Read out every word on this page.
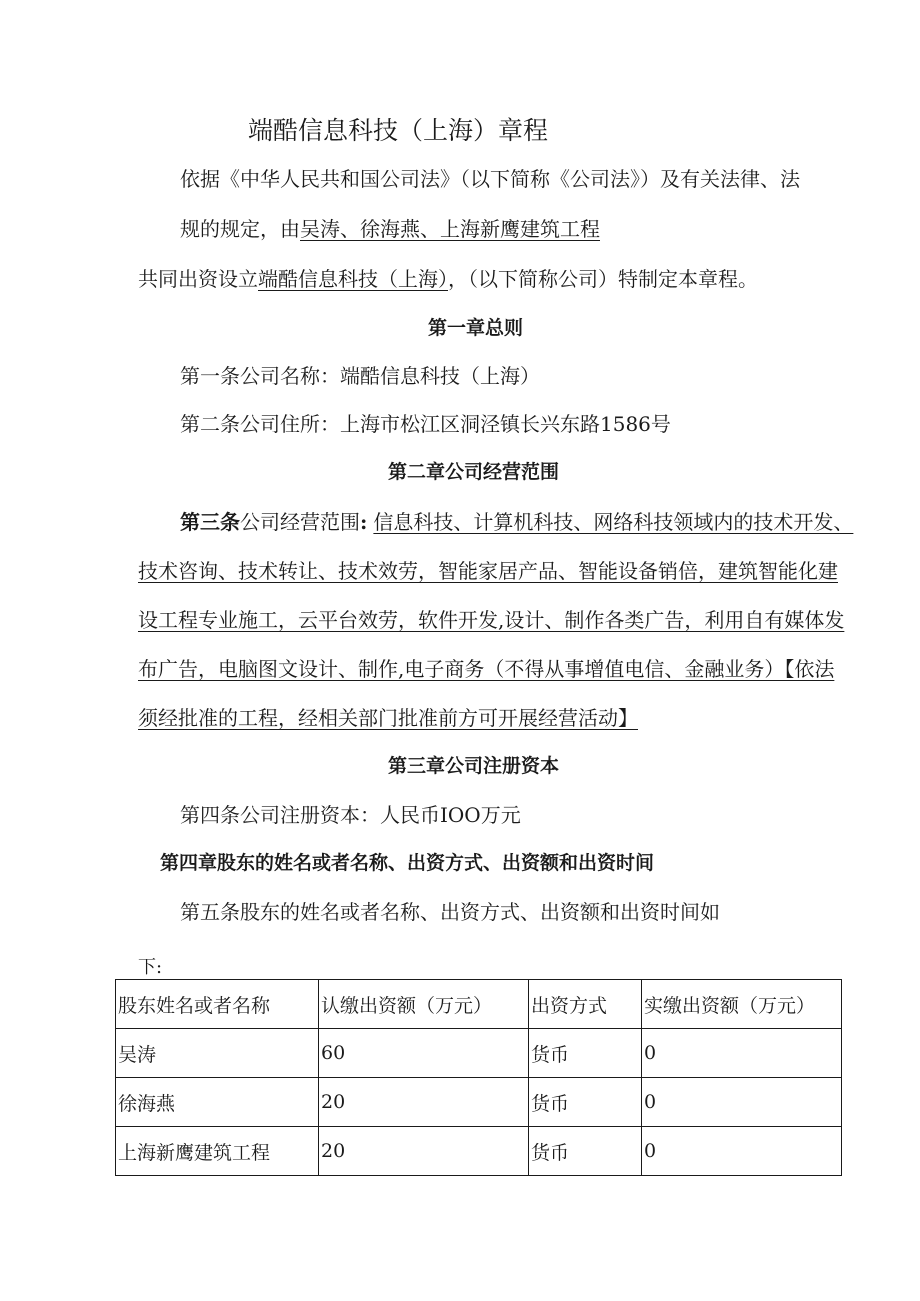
端酷信息科技（上海）章程
依据《中华人民共和国公司法》（以下简称《公司法》）及有关法律、法
规的规定，由吴涛、徐海燕、上海新鹰建筑工程
共同出资设立端酷信息科技（上海），（以下简称公司）特制定本章程。
第一章总则
第一条公司名称：端酷信息科技（上海）
第二条公司住所：上海市松江区洞泾镇长兴东路1586号
第二章公司经营范围
第三条公司经营范围: 信息科技、计算机科技、网络科技领域内的技术开发、
技术咨询、技术转让、技术效劳，智能家居产品、智能设备销倍，建筑智能化建
设工程专业施工，云平台效劳，软件开发,设计、制作各类广告，利用自有媒体发
布广告，电脑图文设计、制作,电子商务（不得从事增值电信、金融业务）【依法
须经批准的工程，经相关部门批准前方可开展经营活动】
第三章公司注册资本
第四条公司注册资本：人民币IOO万元
第四章股东的姓名或者名称、出资方式、出资额和出资时间
第五条股东的姓名或者名称、出资方式、出资额和出资时间如
下:
股东姓名或者名称	认缴出资额（万元）	出资方式	实缴出资额（万元）
吴涛	60	货币	0
徐海燕	20	货币	0
上海新鹰建筑工程	20	货币	0
